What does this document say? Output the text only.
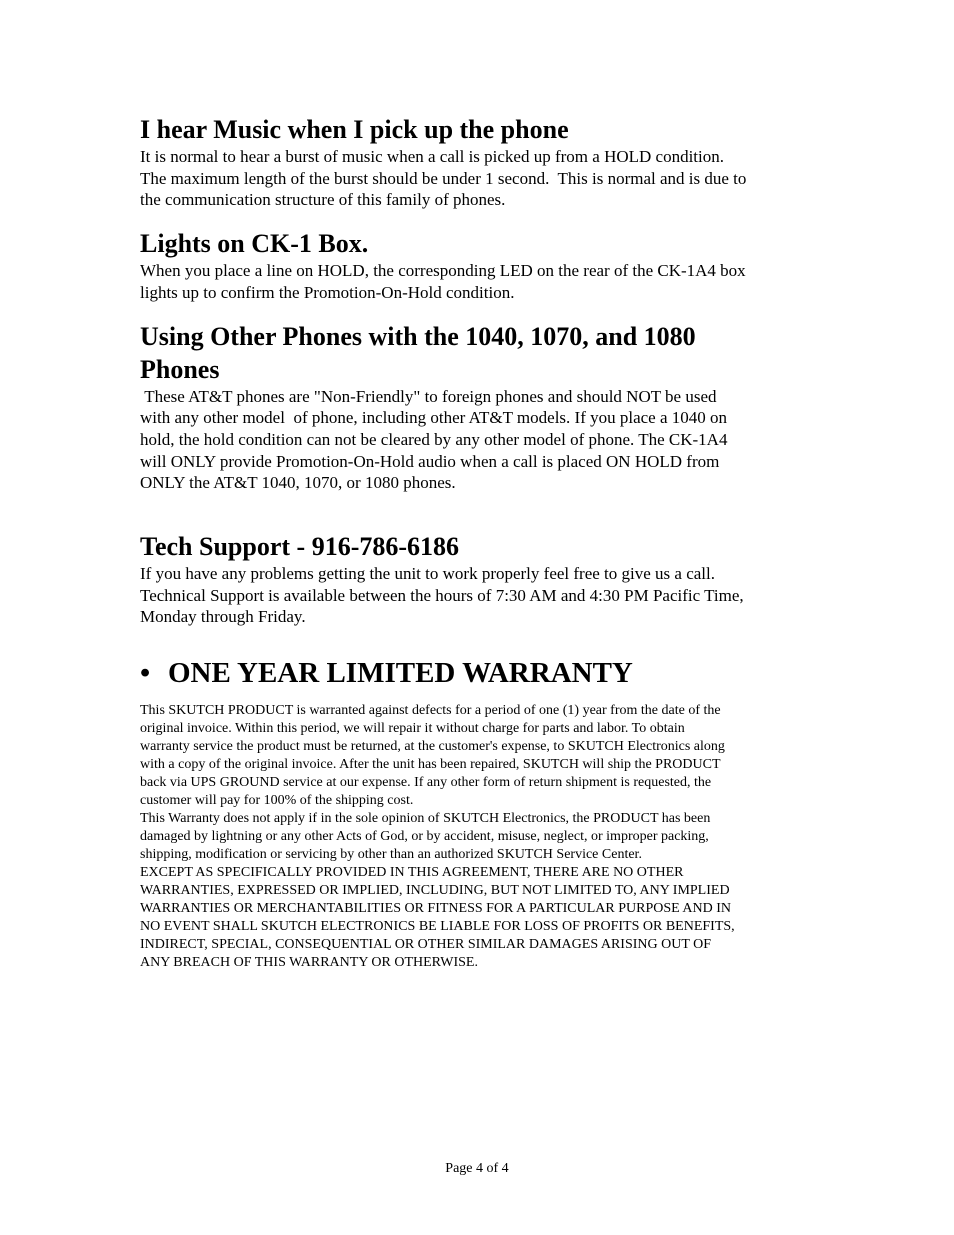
I hear Music when I pick up the phone

It is normal to hear a burst of music when a call is picked up from a HOLD condition.

The maximum length of the burst should be under 1 second.  This is normal and is due to

the communication structure of this family of phones.

Lights on CK-1 Box.

When you place a line on HOLD, the corresponding LED on the rear of the CK-1A4 box

lights up to confirm the Promotion-On-Hold condition.

Using Other Phones with the 1040, 1070, and 1080
Phones

These AT&T phones are "Non-Friendly" to foreign phones and should NOT be used

with any other model  of phone, including other AT&T models. If you place a 1040 on

hold, the hold condition can not be cleared by any other model of phone. The CK-1A4

will ONLY provide Promotion-On-Hold audio when a call is placed ON HOLD from

ONLY the AT&T 1040, 1070, or 1080 phones.

Tech Support - 916-786-6186

If you have any problems getting the unit to work properly feel free to give us a call.

Technical Support is available between the hours of 7:30 AM and 4:30 PM Pacific Time,

Monday through Friday.

• ONE YEAR LIMITED WARRANTY

This SKUTCH PRODUCT is warranted against defects for a period of one (1) year from the date of the

original invoice. Within this period, we will repair it without charge for parts and labor. To obtain

warranty service the product must be returned, at the customer's expense, to SKUTCH Electronics along

with a copy of the original invoice. After the unit has been repaired, SKUTCH will ship the PRODUCT

back via UPS GROUND service at our expense. If any other form of return shipment is requested, the

customer will pay for 100% of the shipping cost.

This Warranty does not apply if in the sole opinion of SKUTCH Electronics, the PRODUCT has been

damaged by lightning or any other Acts of God, or by accident, misuse, neglect, or improper packing,

shipping, modification or servicing by other than an authorized SKUTCH Service Center.

EXCEPT AS SPECIFICALLY PROVIDED IN THIS AGREEMENT, THERE ARE NO OTHER

WARRANTIES, EXPRESSED OR IMPLIED, INCLUDING, BUT NOT LIMITED TO, ANY IMPLIED

WARRANTIES OR MERCHANTABILITIES OR FITNESS FOR A PARTICULAR PURPOSE AND IN

NO EVENT SHALL SKUTCH ELECTRONICS BE LIABLE FOR LOSS OF PROFITS OR BENEFITS,

INDIRECT, SPECIAL, CONSEQUENTIAL OR OTHER SIMILAR DAMAGES ARISING OUT OF

ANY BREACH OF THIS WARRANTY OR OTHERWISE.

Page 4 of 4
